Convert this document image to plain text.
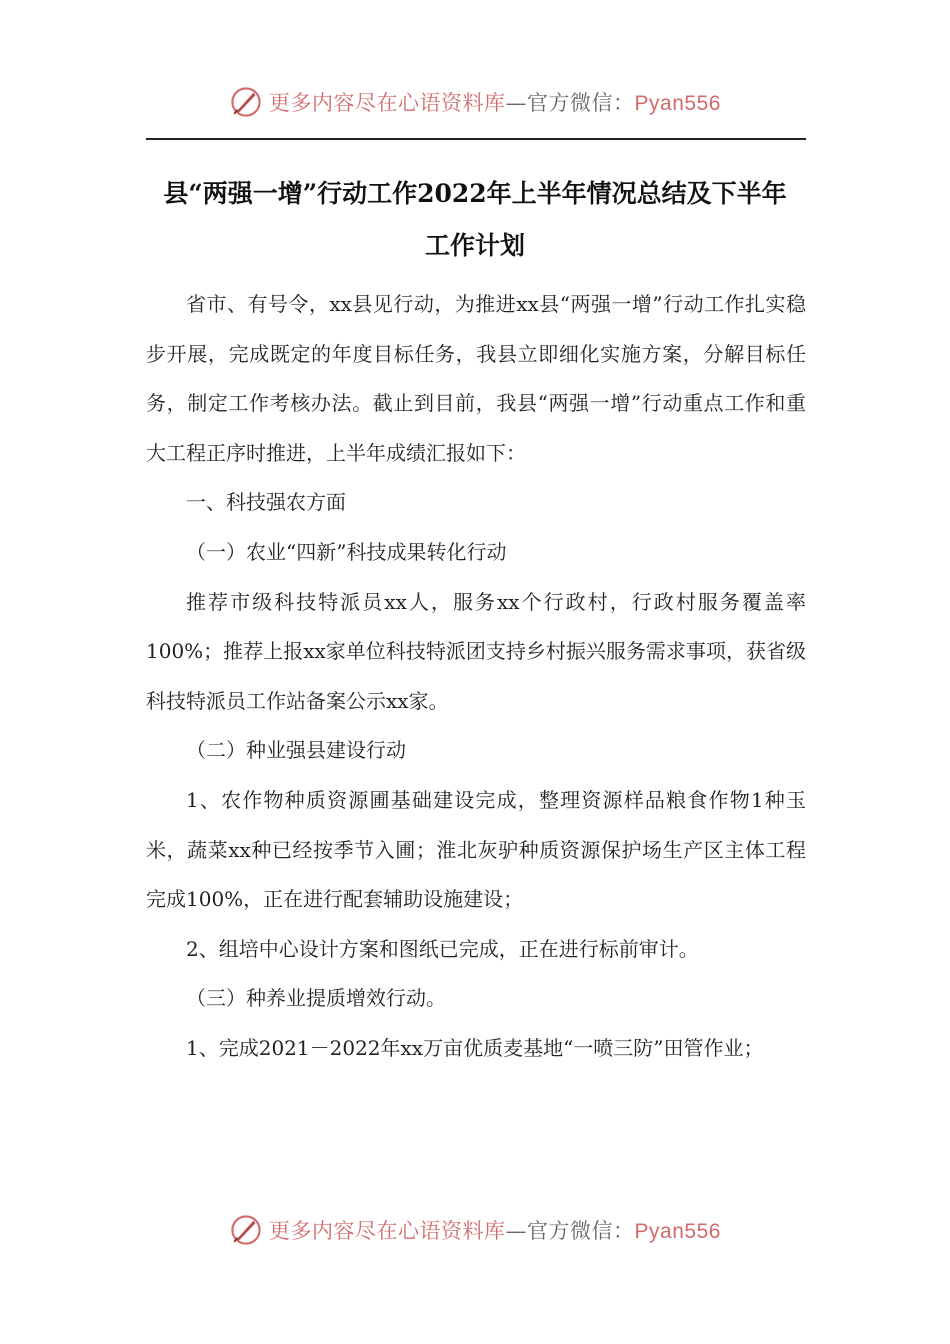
更多内容尽在心语资料库—官方微信：Pyan556
县“两强一增”行动工作2022年上半年情况总结及下半年
工作计划

省市、有号令，xx县见行动，为推进xx县“两强一增”行动工作扎实稳步开展，完成既定的年度目标任务，我县立即细化实施方案，分解目标任务，制定工作考核办法。截止到目前，我县“两强一增”行动重点工作和重大工程正序时推进，上半年成绩汇报如下：

一、科技强农方面

（一）农业“四新”科技成果转化行动

推荐市级科技特派员xx人，服务xx个行政村，行政村服务覆盖率100%；推荐上报xx家单位科技特派团支持乡村振兴服务需求事项，获省级科技特派员工作站备案公示xx家。

（二）种业强县建设行动

1、农作物种质资源圃基础建设完成，整理资源样品粮食作物1种玉米，蔬菜xx种已经按季节入圃；淮北灰驴种质资源保护场生产区主体工程完成100%，正在进行配套辅助设施建设；

2、组培中心设计方案和图纸已完成，正在进行标前审计。

（三）种养业提质增效行动。

1、完成2021－2022年xx万亩优质麦基地“一喷三防”田管作业；

更多内容尽在心语资料库—官方微信：Pyan556
